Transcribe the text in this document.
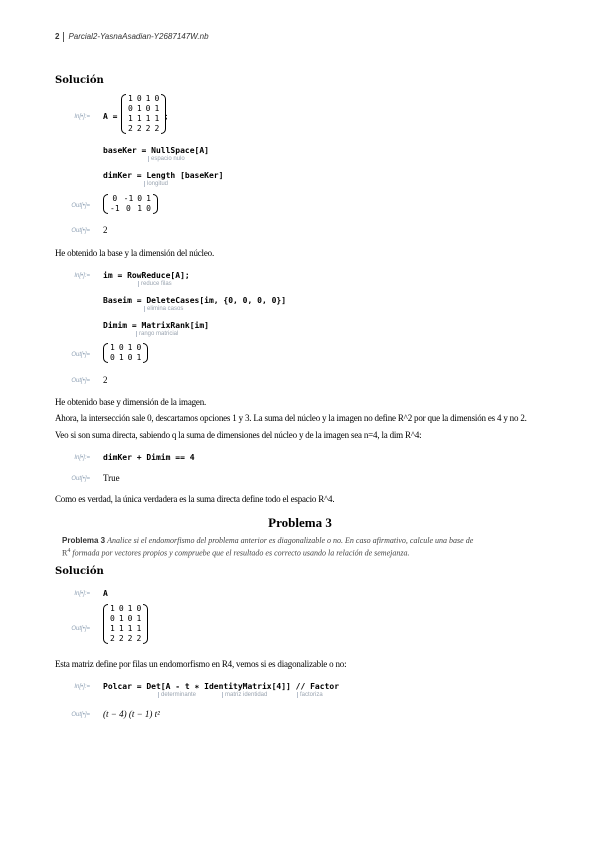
2 Parcial2-YasnaAsadian-Y2687147W.nb
Solución
In[•]:= A =
1	0	1	0
0	1	0	1
1	1	1	1
2	2	2	2
;
baseKer = NullSpace[A]
espacio nulo
dimKer = Length [baseKer]
longitud
Out[•]=
0	-1	0	1
-1	0	1	0
Out[•]= 2
He obtenido la base y la dimensión del núcleo.
In[•]:= im = RowReduce[A];
reduce filas
Baseim = DeleteCases[im, {0, 0, 0, 0}]
elimina casos
Dimim = MatrixRank[im]
rango matricial
Out[•]=
1	0	1	0
0	1	0	1
Out[•]= 2
He obtenido base y dimensión de la imagen.
Ahora, la intersección sale 0, descartamos opciones 1 y 3. La suma del núcleo y la imagen no define R^2 por que la dimensión es 4 y no 2.
Veo si son suma directa, sabiendo q la suma de dimensiones del núcleo y de la imagen sea n=4, la dim R^4:
In[•]:= dimKer + Dimim == 4
Out[•]= True
Como es verdad, la única verdadera es la suma directa define todo el espacio R^4.
Problema 3
Problema 3 Analice si el endomorfismo del problema anterior es diagonalizable o no. En caso afirmativo, calcule una base de
$R^4$ formada por vectores propios y compruebe que el resultado es correcto usando la relación de semejanza.
Solución
In[•]:= A
Out[•]=
1	0	1	0
0	1	0	1
1	1	1	1
2	2	2	2
Esta matriz define por filas un endomorfismo en R4, vemos si es diagonalizable o no:
In[•]:= Polcar = Det[A - t ∗ IdentityMatrix[4]] // Factor
determinante	matriz identidad	factoriza
Out[•]= (t − 4) (t − 1) t²
